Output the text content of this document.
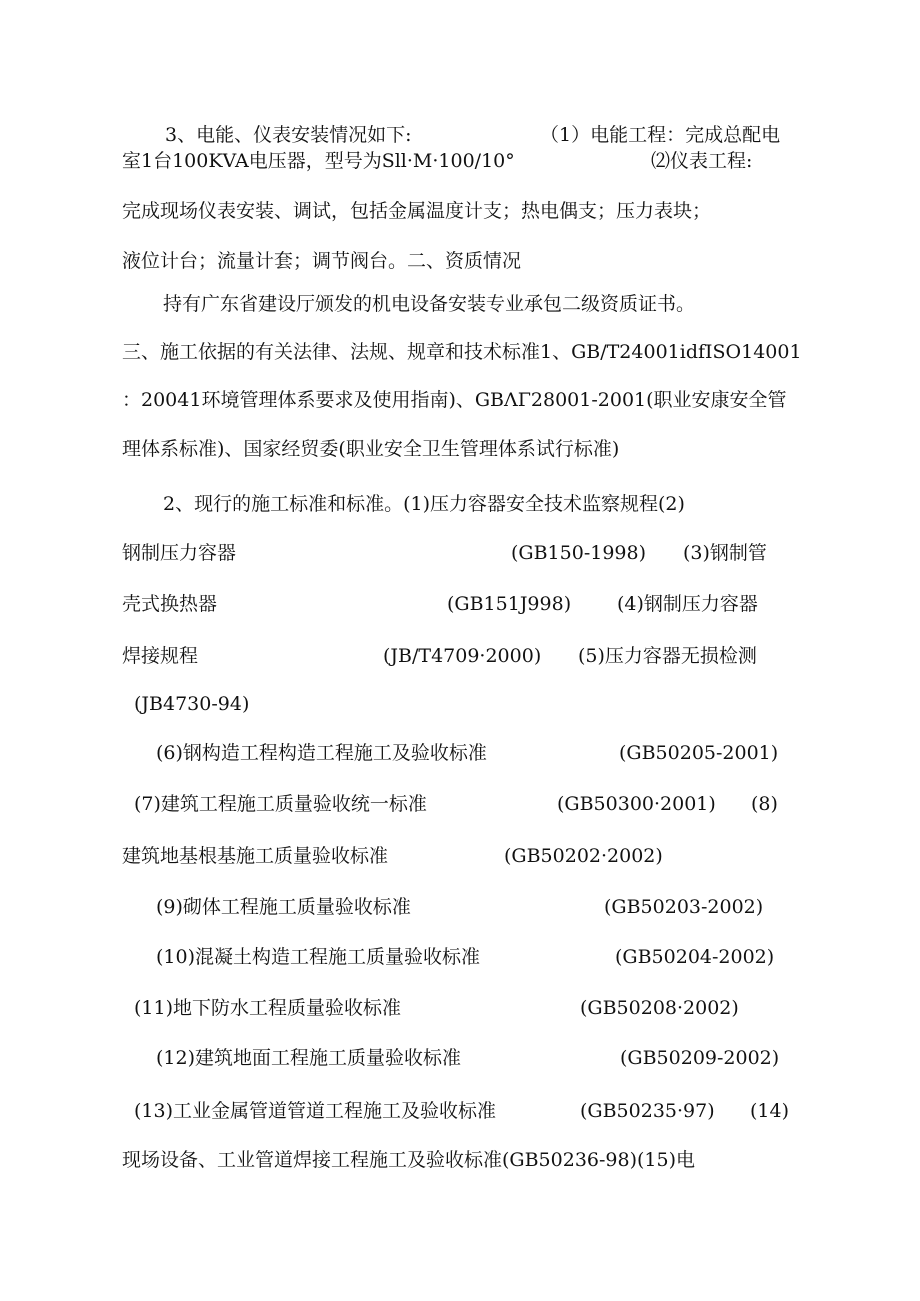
3、电能、仪表安装情况如下:	（1）电能工程：完成总配电
室1台100KVA电压器，型号为Sll·M·100/10°	⑵仪表工程:
完成现场仪表安装、调试，包括金属温度计支；热电偶支；压力表块；
液位计台；流量计套；调节阀台。二、资质情况
持有广东省建设厅颁发的机电设备安装专业承包二级资质证书。
三、施工依据的有关法律、法规、规章和技术标准1、GB/T24001idfISO14001
：20041环境管理体系要求及使用指南)、GBΛΓ28001-2001(职业安康安全管
理体系标准)、国家经贸委(职业安全卫生管理体系试行标准)
2、现行的施工标准和标准。(1)压力容器安全技术监察规程(2)
钢制压力容器	(GB150-1998) (3)钢制管
壳式换热器	(GB151J998) (4)钢制压力容器
焊接规程	(JB/T4709·2000) (5)压力容器无损检测
(JB4730-94)
(6)钢构造工程构造工程施工及验收标准	(GB50205-2001)
(7)建筑工程施工质量验收统一标准	(GB50300·2001) (8)
建筑地基根基施工质量验收标准	(GB50202·2002)
(9)砌体工程施工质量验收标准	(GB50203-2002)
(10)混凝土构造工程施工质量验收标准	(GB50204-2002)
(11)地下防水工程质量验收标准	(GB50208·2002)
(12)建筑地面工程施工质量验收标准	(GB50209-2002)
(13)工业金属管道管道工程施工及验收标准	(GB50235·97) (14)
现场设备、工业管道焊接工程施工及验收标准(GB50236-98)(15)电
